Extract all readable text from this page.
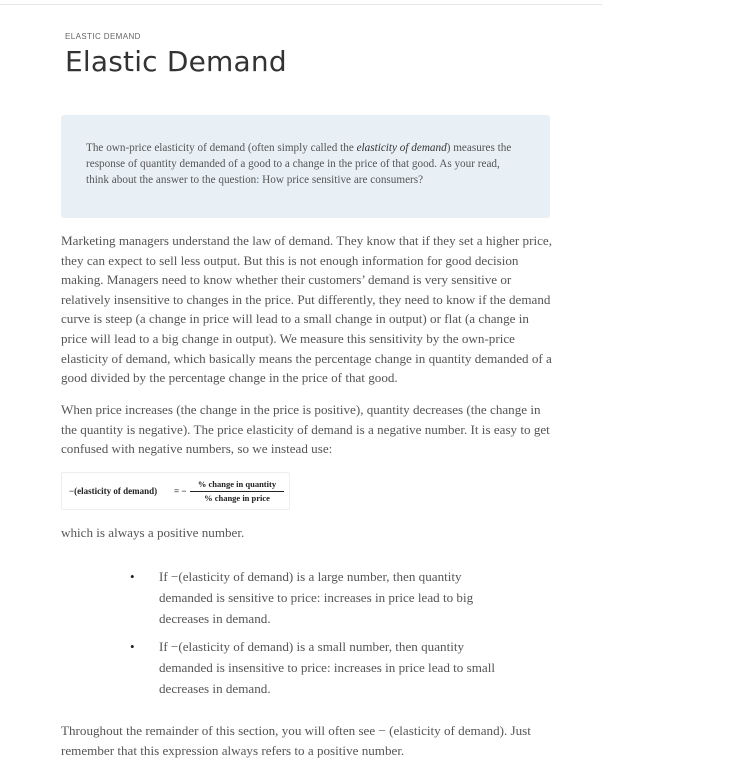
ELASTIC DEMAND
Elastic Demand

The own-price elasticity of demand (often simply called the elasticity of demand) measures the response of quantity demanded of a good to a change in the price of that good. As your read, think about the answer to the question: How price sensitive are consumers?

Marketing managers understand the law of demand. They know that if they set a higher price, they can expect to sell less output. But this is not enough information for good decision making. Managers need to know whether their customers’ demand is very sensitive or relatively insensitive to changes in the price. Put differently, they need to know if the demand curve is steep (a change in price will lead to a small change in output) or flat (a change in price will lead to a big change in output). We measure this sensitivity by the own-price elasticity of demand, which basically means the percentage change in quantity demanded of a good divided by the percentage change in the price of that good.

When price increases (the change in the price is positive), quantity decreases (the change in the quantity is negative). The price elasticity of demand is a negative number. It is easy to get confused with negative numbers, so we instead use:

−(elasticity of demand) = −
% change in quantity
% change in price

which is always a positive number.

• If −(elasticity of demand) is a large number, then quantity demanded is sensitive to price: increases in price lead to big decreases in demand.
• If −(elasticity of demand) is a small number, then quantity demanded is insensitive to price: increases in price lead to small decreases in demand.

Throughout the remainder of this section, you will often see − (elasticity of demand). Just remember that this expression always refers to a positive number.
